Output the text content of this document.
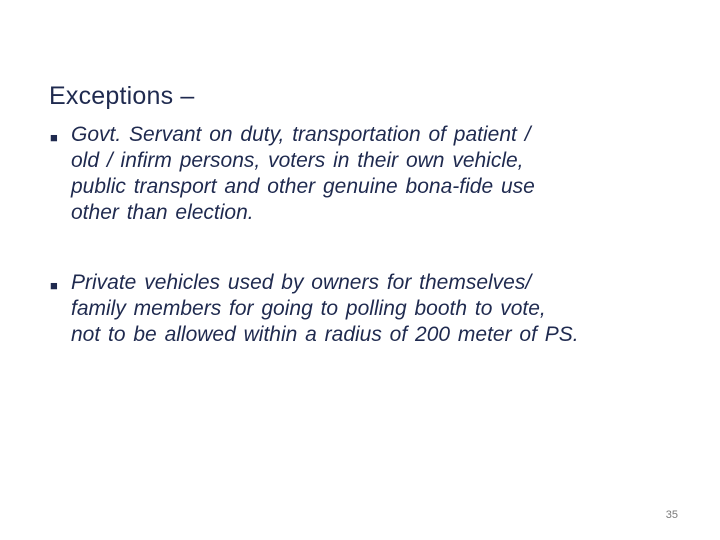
Exceptions –
■ Govt. Servant on duty, transportation of patient /
old / infirm persons, voters in their own vehicle,
public transport and other genuine bona-fide use
other than election.
■ Private vehicles used by owners for themselves/
family members for going to polling booth to vote,
not to be allowed within a radius of 200 meter of PS.
35
